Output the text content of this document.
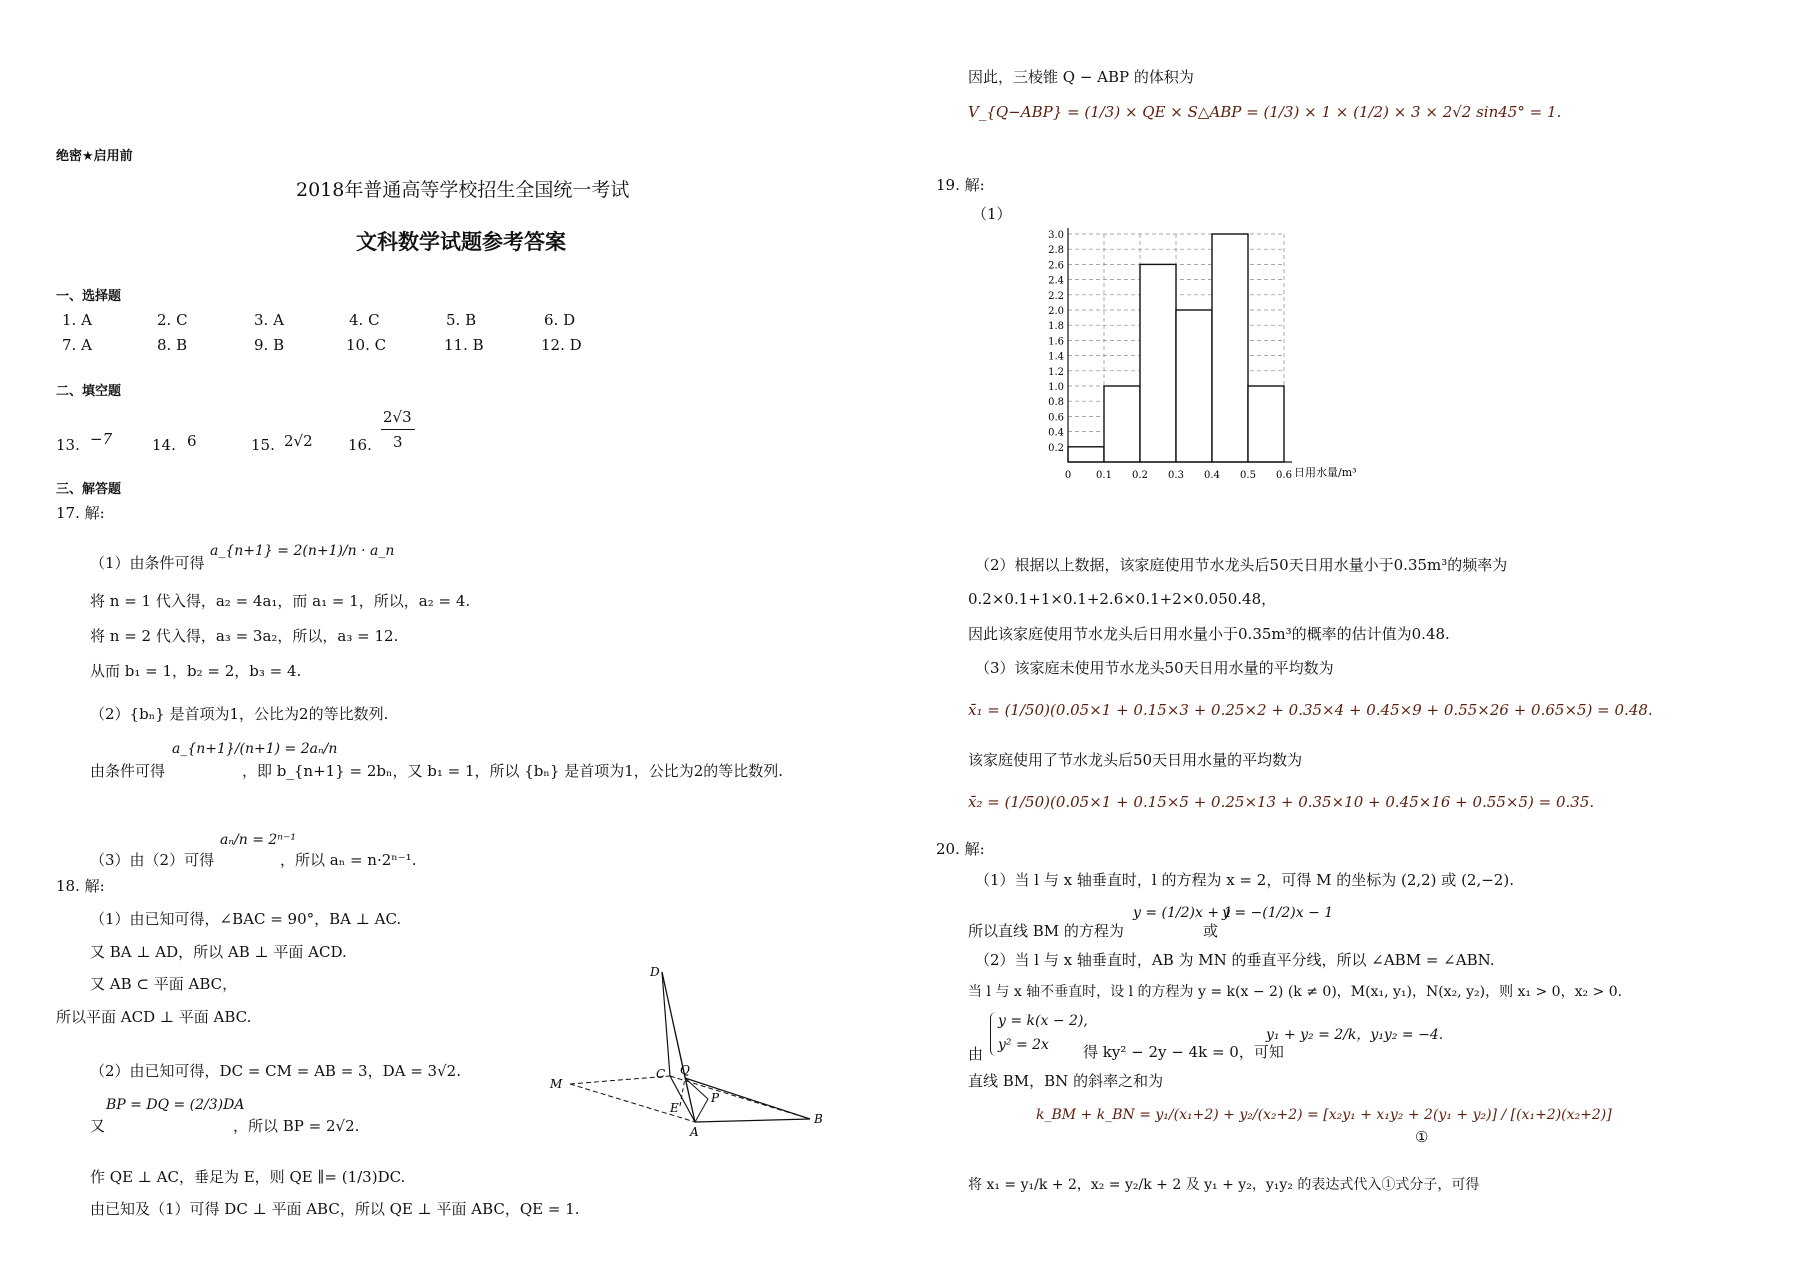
绝密★启用前
2018年普通高等学校招生全国统一考试
文科数学试题参考答案
一、选择题
1. A	2. C	3. A	4. C	5. B	6. D
7. A	8. B	9. B	10. C	11. B	12. D
二、填空题
13. −7	14. 6	15. 2√2 16.
2√3
3
三、解答题
17. 解:
（1）由条件可得
a_{n+1} = 2(n+1)/n · a_n
将 n = 1 代入得，a₂ = 4a₁，而 a₁ = 1，所以，a₂ = 4.
将 n = 2 代入得，a₃ = 3a₂，所以，a₃ = 12.
从而 b₁ = 1，b₂ = 2，b₃ = 4.
（2）{bₙ} 是首项为1，公比为2的等比数列.
由条件可得
a_{n+1}/(n+1) = 2aₙ/n
，即 b_{n+1} = 2bₙ，又 b₁ = 1，所以 {bₙ} 是首项为1，公比为2的等比数列.
（3）由（2）可得
aₙ/n = 2ⁿ⁻¹
，所以 aₙ = n·2ⁿ⁻¹.
18. 解:
（1）由已知可得，∠BAC = 90°，BA ⊥ AC.
又 BA ⊥ AD，所以 AB ⊥ 平面 ACD.
又 AB ⊂ 平面 ABC，
所以平面 ACD ⊥ 平面 ABC.
（2）由已知可得，DC = CM = AB = 3，DA = 3√2.
BP = DQ = (2/3)DA
又	，所以 BP = 2√2.
作 QE ⊥ AC，垂足为 E，则 QE ∥= (1/3)DC.
由已知及（1）可得 DC ⊥ 平面 ABC，所以 QE ⊥ 平面 ABC，QE = 1.
D
M
C Q
P
E
A
B
因此，三棱锥 Q − ABP 的体积为
V_{Q−ABP} = (1/3) × QE × S△ABP = (1/3) × 1 × (1/2) × 3 × 2√2 sin45° = 1.
19. 解:
（1）
0.2
0.4
0.6
0.8
1.0
1.2
1.4
1.6
1.8
2.0
2.2
2.4
2.6
2.8
3.0
0 0.1 0.2 0.3 0.4 0.5 0.6 日用水量/m³
（2）根据以上数据，该家庭使用节水龙头后50天日用水量小于0.35m³的频率为
0.2×0.1+1×0.1+2.6×0.1+2×0.050.48，
因此该家庭使用节水龙头后日用水量小于0.35m³的概率的估计值为0.48.
（3）该家庭未使用节水龙头50天日用水量的平均数为
x̄₁ = (1/50)(0.05×1 + 0.15×3 + 0.25×2 + 0.35×4 + 0.45×9 + 0.55×26 + 0.65×5) = 0.48.
该家庭使用了节水龙头后50天日用水量的平均数为
x̄₂ = (1/50)(0.05×1 + 0.15×5 + 0.25×13 + 0.35×10 + 0.45×16 + 0.55×5) = 0.35.
20. 解:
（1）当 l 与 x 轴垂直时，l 的方程为 x = 2，可得 M 的坐标为 (2,2) 或 (2,−2).
所以直线 BM 的方程为
y = (1/2)x + 1
或
y = −(1/2)x − 1
（2）当 l 与 x 轴垂直时，AB 为 MN 的垂直平分线，所以 ∠ABM = ∠ABN.
当 l 与 x 轴不垂直时，设 l 的方程为 y = k(x − 2) (k ≠ 0)，M(x₁, y₁)，N(x₂, y₂)，则 x₁ > 0，x₂ > 0.
由
y = k(x − 2),
y² = 2x 得 ky² − 2y − 4k = 0，可知
y₁ + y₂ = 2/k，y₁y₂ = −4.
直线 BM，BN 的斜率之和为
k_BM + k_BN = y₁/(x₁+2) + y₂/(x₂+2) = [x₂y₁ + x₁y₂ + 2(y₁ + y₂)] / [(x₁+2)(x₂+2)]
①
将 x₁ = y₁/k + 2，x₂ = y₂/k + 2 及 y₁ + y₂，y₁y₂ 的表达式代入①式分子，可得
